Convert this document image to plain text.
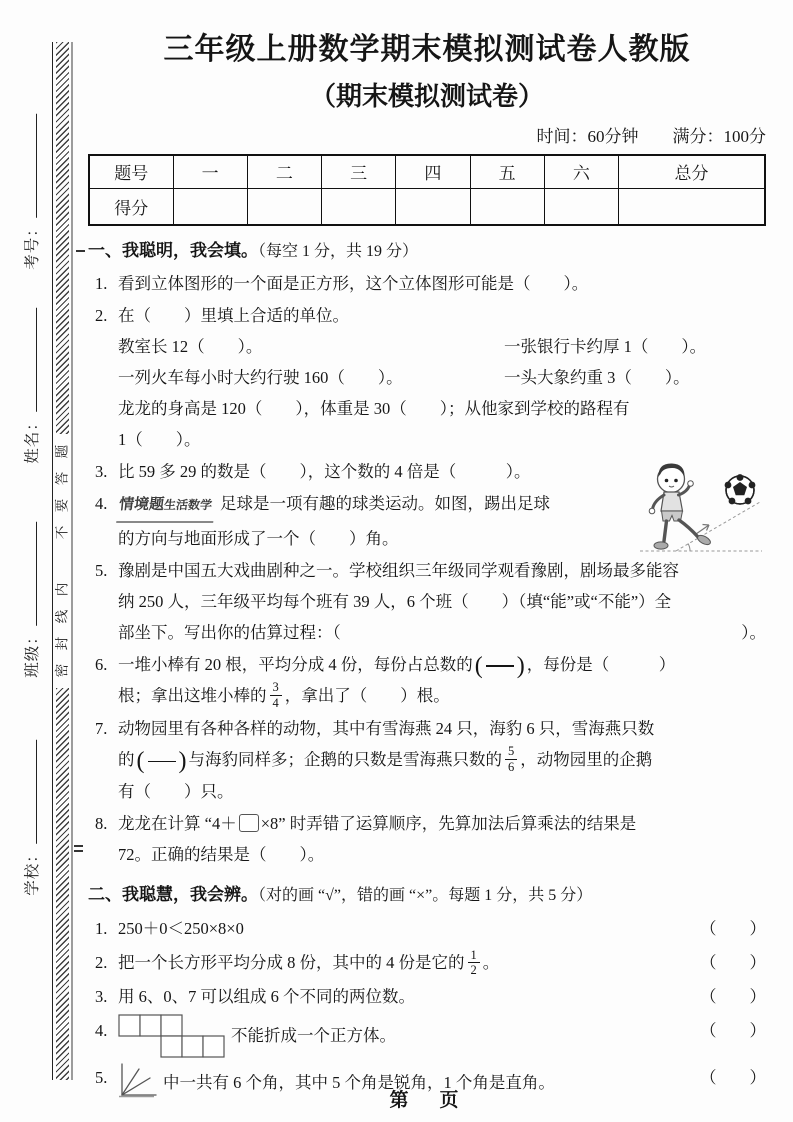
考号：
姓名：
班级：
学校：
题
答
要
不
内
线
封
密
三年级上册数学期末模拟测试卷人教版
（期末模拟测试卷）
时间：60分钟 满分：100分
题号	一	二	三	四	五	六	总分
得分							
一、我聪明，我会填。（每空 1 分，共 19 分）
1. 看到立体图形的一个面是正方形，这个立体图形可能是（　　）。
2. 在（　　）里填上合适的单位。
教室长 12（　　）。	一张银行卡约厚 1（　　）。
一列火车每小时大约行驶 160（　　）。	一头大象约重 3（　　）。
龙龙的身高是 120（　　），体重是 30（　　）；从他家到学校的路程有
1（　　）。
3. 比 59 多 29 的数是（　　），这个数的 4 倍是（　　　）。
4. 情境题生活数学 足球是一项有趣的球类运动。如图，踢出足球
的方向与地面形成了一个（　　）角。
5. 豫剧是中国五大戏曲剧种之一。学校组织三年级同学观看豫剧，剧场最多能容
纳 250 人，三年级平均每个班有 39 人，6 个班（　　）（填“能”或“不能”）全
部坐下。写出你的估算过程：（	）。
6. 一堆小棒有 20 根，平均分成 4 份，每份占总数的 ( ) ，每份是（　　　）
根；拿出这堆小棒的 $\frac{3}{4}$ ，拿出了（　　）根。
7. 动物园里有各种各样的动物，其中有雪海燕 24 只，海豹 6 只，雪海燕只数
的 ( ) 与海豹同样多；企鹅的只数是雪海燕只数的 $\frac{5}{6}$ ，动物园里的企鹅
有（　　）只。
8. 龙龙在计算 “4＋ ×8” 时弄错了运算顺序，先算加法后算乘法的结果是
72。正确的结果是（　　）。
二、我聪慧，我会辨。（对的画 “√”，错的画 “×”。每题 1 分，共 5 分）
1. 250＋0＜250×8×0	（　　）
2. 把一个长方形平均分成 8 份，其中的 4 份是它的 $\frac{1}{2}$ 。	（　　）
3. 用 6、0、7 可以组成 6 个不同的两位数。	（　　）
4.	不能折成一个正方体。	（　　）
5.	中一共有 6 个角，其中 5 个角是锐角，1 个角是直角。	（　　）
第　页
